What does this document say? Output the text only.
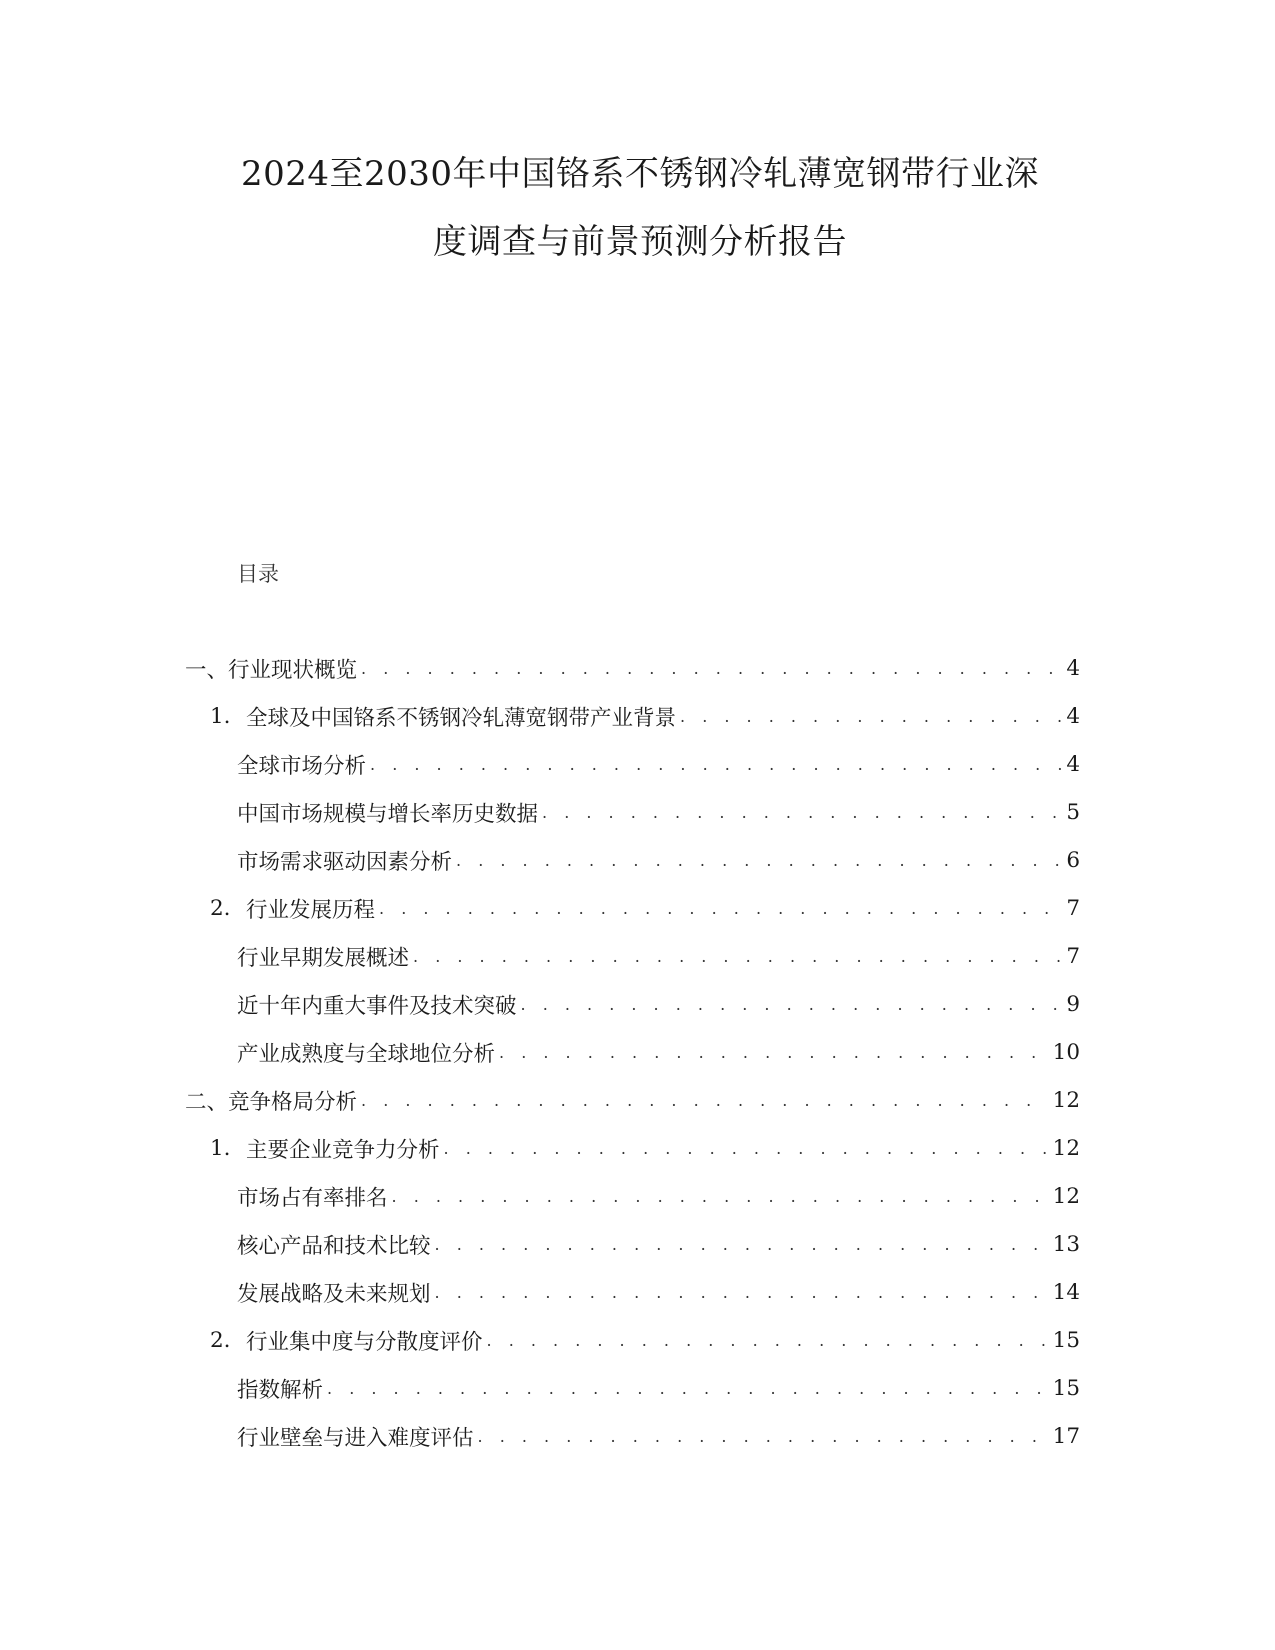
2024至2030年中国铬系不锈钢冷轧薄宽钢带行业深
度调查与前景预测分析报告
目录
一、行业现状概览 . . .	4
1. 全球及中国铬系不锈钢冷轧薄宽钢带产业背景 . . .	4
全球市场分析 . . .	4
中国市场规模与增长率历史数据 . . .	5
市场需求驱动因素分析 . . .	6
2. 行业发展历程 . . .	7
行业早期发展概述 . . .	7
近十年内重大事件及技术突破 . . .	9
产业成熟度与全球地位分析 . . .	10
二、竞争格局分析 . . .	12
1. 主要企业竞争力分析 . . .	12
市场占有率排名 . . .	12
核心产品和技术比较 . . .	13
发展战略及未来规划 . . .	14
2. 行业集中度与分散度评价 . . .	15
指数解析 . . .	15
行业壁垒与进入难度评估 . . .	17
